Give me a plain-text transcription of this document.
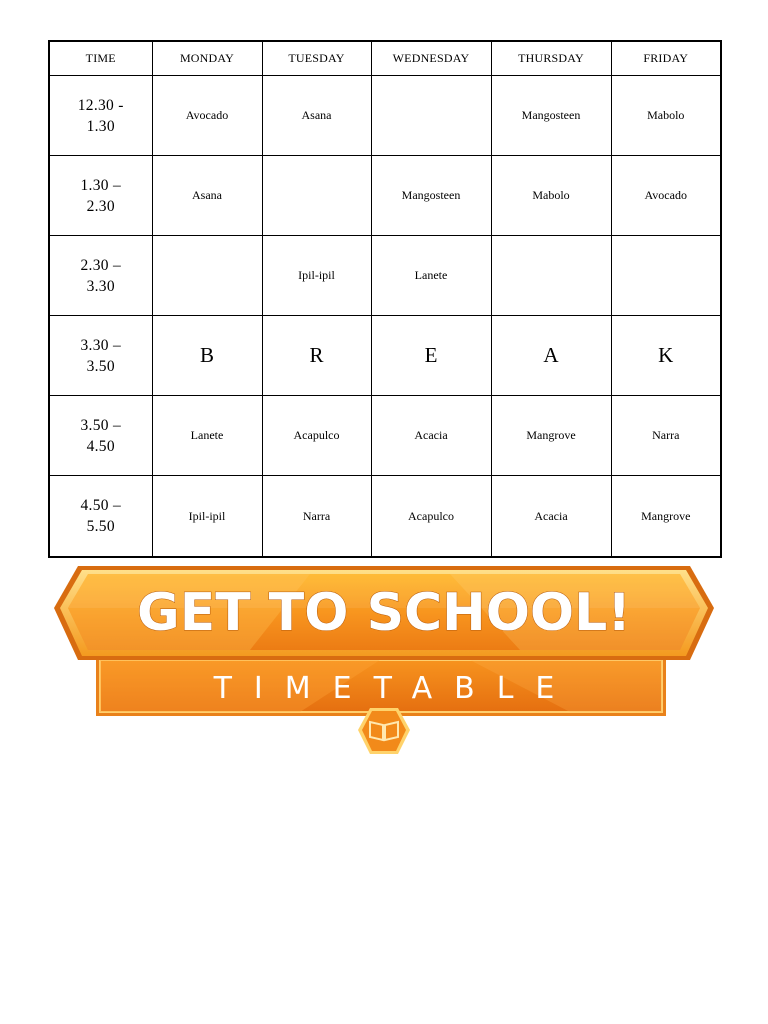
TIME	MONDAY	TUESDAY	WEDNESDAY	THURSDAY	FRIDAY
12.30 -
1.30	Avocado	Asana		Mangosteen	Mabolo
1.30 –
2.30	Asana		Mangosteen	Mabolo	Avocado
2.30 –
3.30		Ipil-ipil	Lanete		
3.30 –
3.50	B	R	E	A	K
3.50 –
4.50	Lanete	Acapulco	Acacia	Mangrove	Narra
4.50 –
5.50	Ipil-ipil	Narra	Acapulco	Acacia	Mangrove
GET TO SCHOOL!
TIMETABLE
